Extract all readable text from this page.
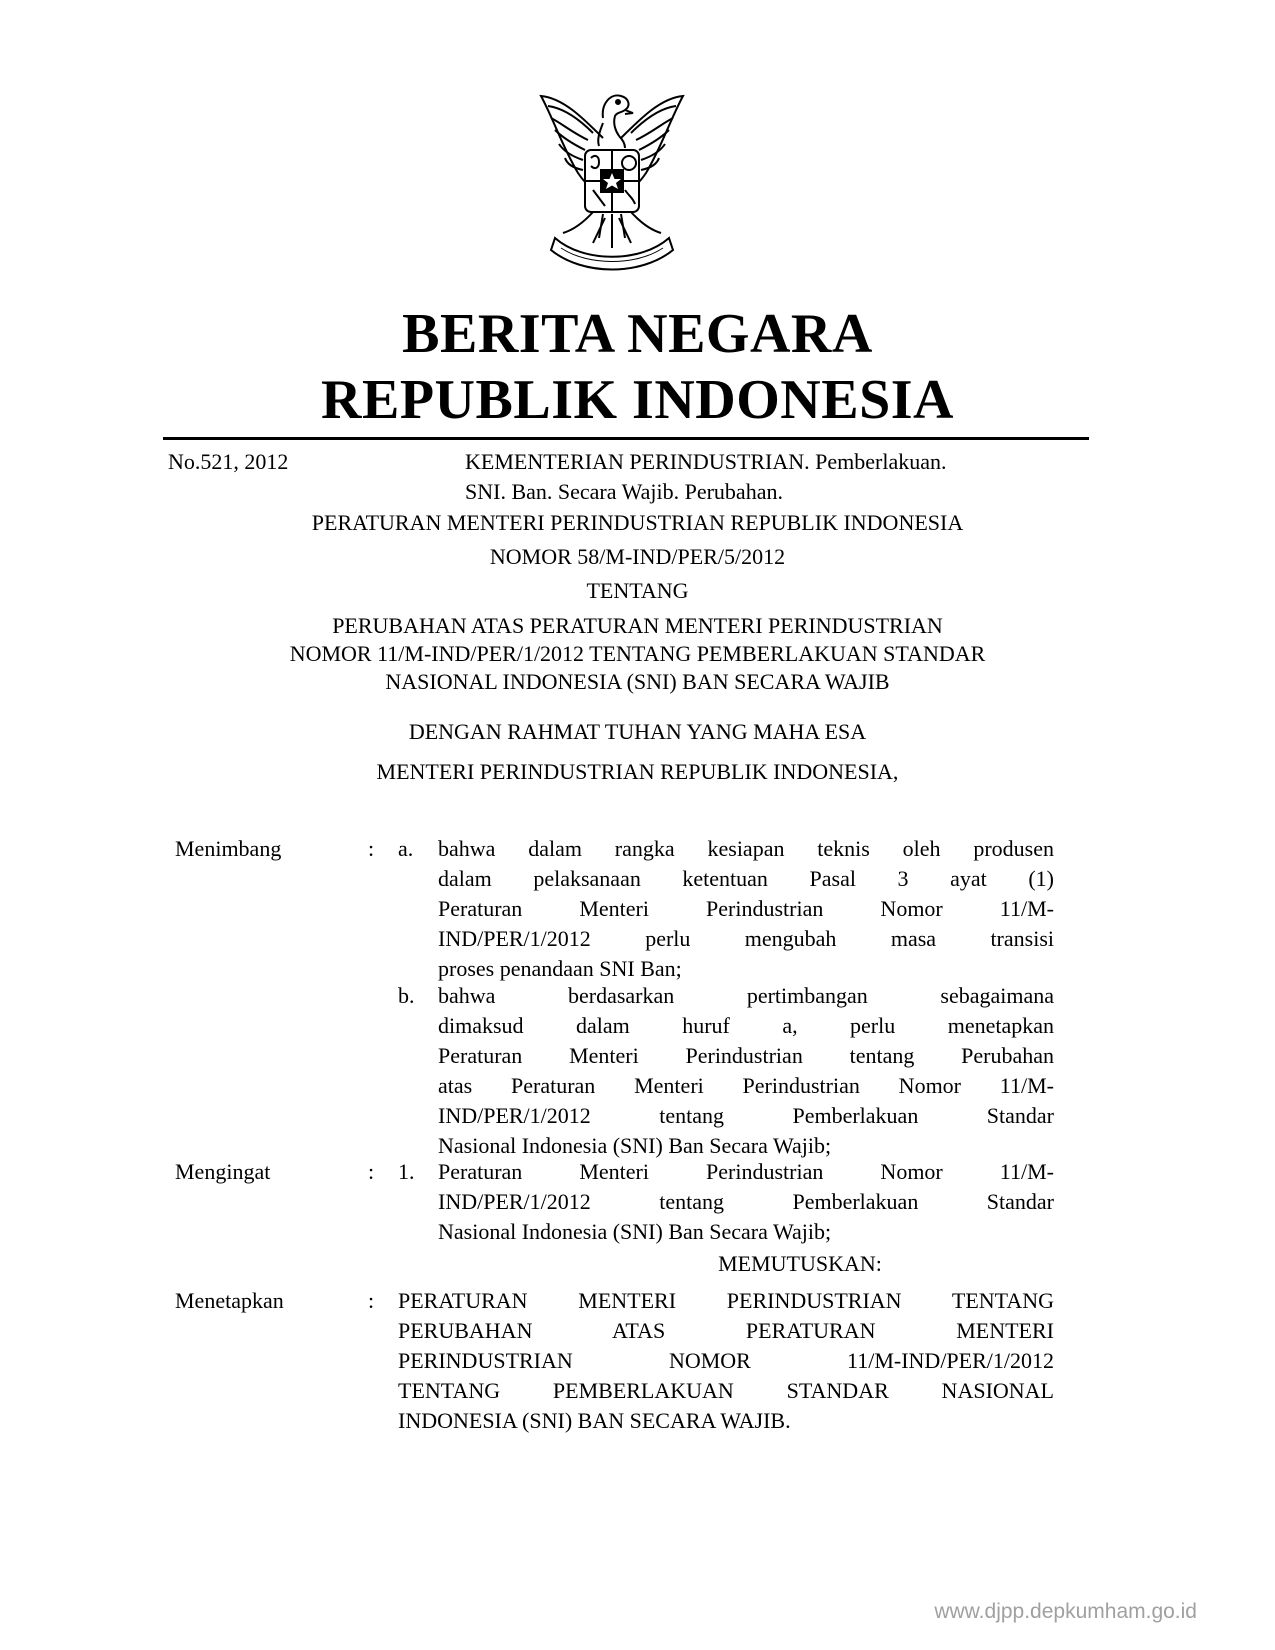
BERITA NEGARA
REPUBLIK INDONESIA
No.521, 2012	KEMENTERIAN PERINDUSTRIAN. Pemberlakuan.
SNI. Ban. Secara Wajib. Perubahan.
PERATURAN MENTERI PERINDUSTRIAN REPUBLIK INDONESIA
NOMOR 58/M-IND/PER/5/2012
TENTANG
PERUBAHAN ATAS PERATURAN MENTERI PERINDUSTRIAN
NOMOR 11/M-IND/PER/1/2012 TENTANG PEMBERLAKUAN STANDAR
NASIONAL INDONESIA (SNI) BAN SECARA WAJIB
DENGAN RAHMAT TUHAN YANG MAHA ESA
MENTERI PERINDUSTRIAN REPUBLIK INDONESIA,
Menimbang	: a. bahwa dalam rangka kesiapan teknis oleh produsen
dalam pelaksanaan ketentuan Pasal 3 ayat (1)
Peraturan Menteri Perindustrian Nomor 11/M-
IND/PER/1/2012 perlu mengubah masa transisi
proses penandaan SNI Ban;
b. bahwa berdasarkan pertimbangan sebagaimana
dimaksud dalam huruf a, perlu menetapkan
Peraturan Menteri Perindustrian tentang Perubahan
atas Peraturan Menteri Perindustrian Nomor 11/M-
IND/PER/1/2012 tentang Pemberlakuan Standar
Nasional Indonesia (SNI) Ban Secara Wajib;
Mengingat	: 1. Peraturan Menteri Perindustrian Nomor 11/M-
IND/PER/1/2012 tentang Pemberlakuan Standar
Nasional Indonesia (SNI) Ban Secara Wajib;
MEMUTUSKAN:
Menetapkan	: PERATURAN MENTERI PERINDUSTRIAN TENTANG
PERUBAHAN ATAS PERATURAN MENTERI
PERINDUSTRIAN NOMOR 11/M-IND/PER/1/2012
TENTANG PEMBERLAKUAN STANDAR NASIONAL
INDONESIA (SNI) BAN SECARA WAJIB.
www.djpp.depkumham.go.id
